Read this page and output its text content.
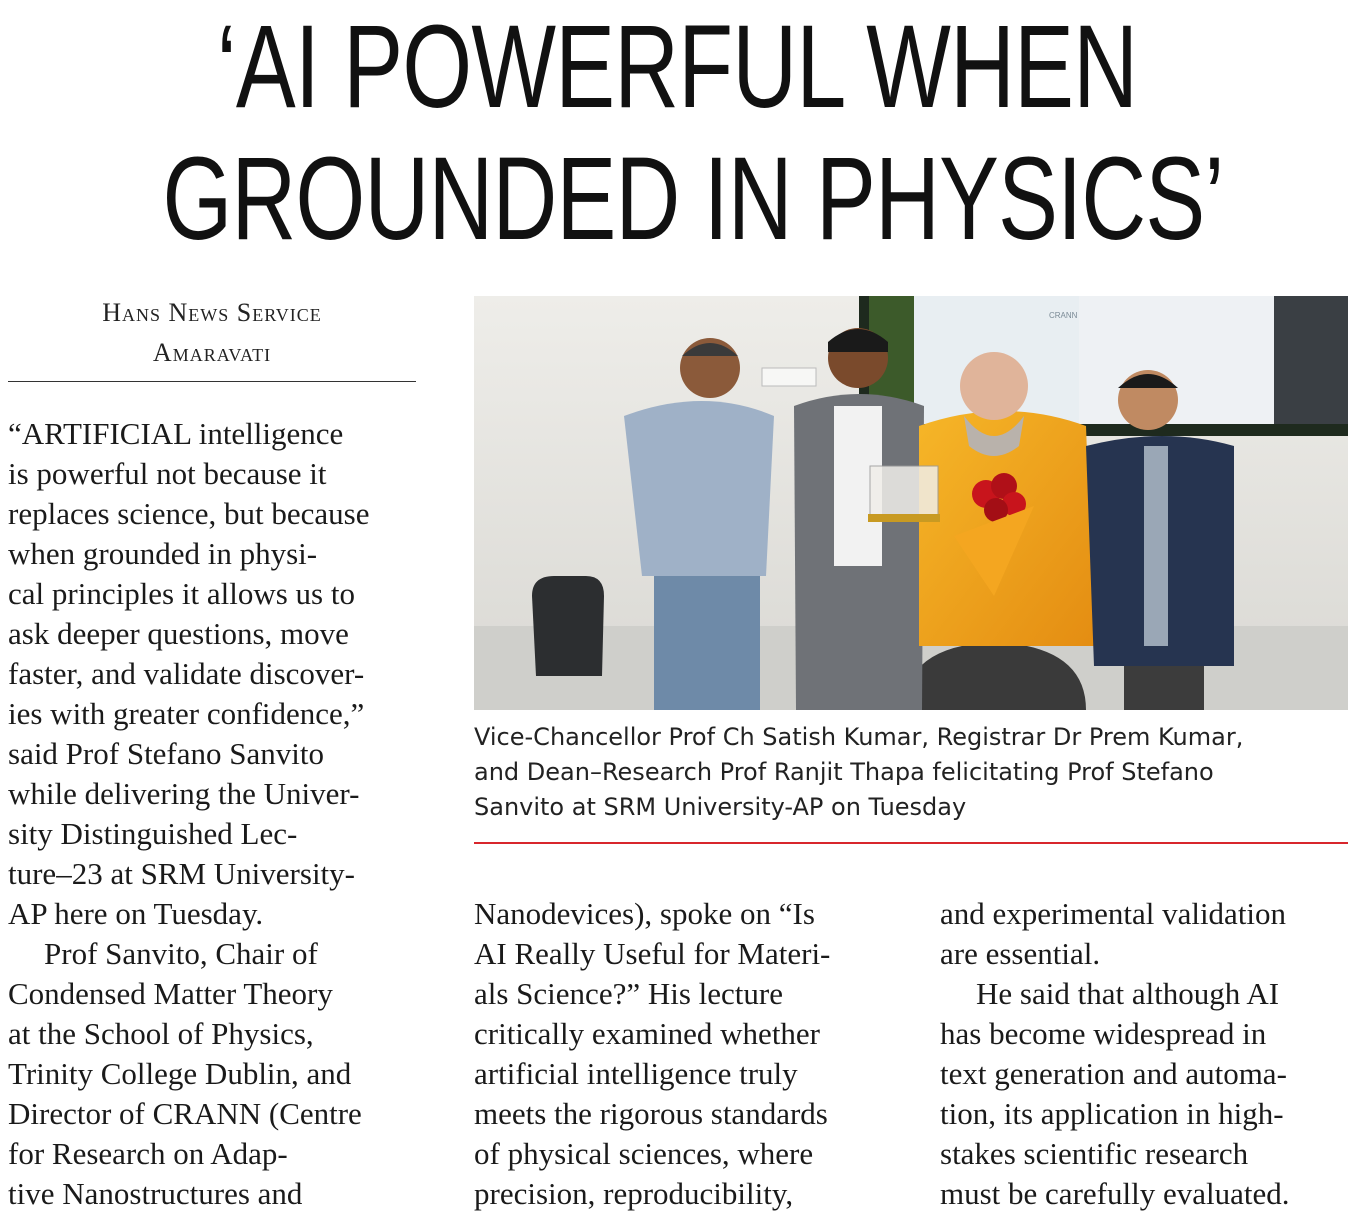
‘AI POWERFUL WHEN
GROUNDED IN PHYSICS’
Hans News Service
Amaravati

“ARTIFICIAL intelligence
is powerful not because it
replaces science, but because
when grounded in physi-
cal principles it allows us to
ask deeper questions, move
faster, and validate discover-
ies with greater confidence,”
said Prof Stefano Sanvito
while delivering the Univer-
sity Distinguished Lec-
ture–23 at SRM University-
AP here on Tuesday.

Prof Sanvito, Chair of
Condensed Matter Theory
at the School of Physics,
Trinity College Dublin, and
Director of CRANN (Centre
for Research on Adap-
tive Nanostructures and

CRANN
Vice-Chancellor Prof Ch Satish Kumar, Registrar Dr Prem Kumar,
and Dean–Research Prof Ranjit Thapa felicitating Prof Stefano
Sanvito at SRM University-AP on Tuesday

Nanodevices), spoke on “Is
AI Really Useful for Materi-
als Science?” His lecture
critically examined whether
artificial intelligence truly
meets the rigorous standards
of physical sciences, where
precision, reproducibility,

and experimental validation
are essential.

He said that although AI
has become widespread in
text generation and automa-
tion, its application in high-
stakes scientific research
must be carefully evaluated.
